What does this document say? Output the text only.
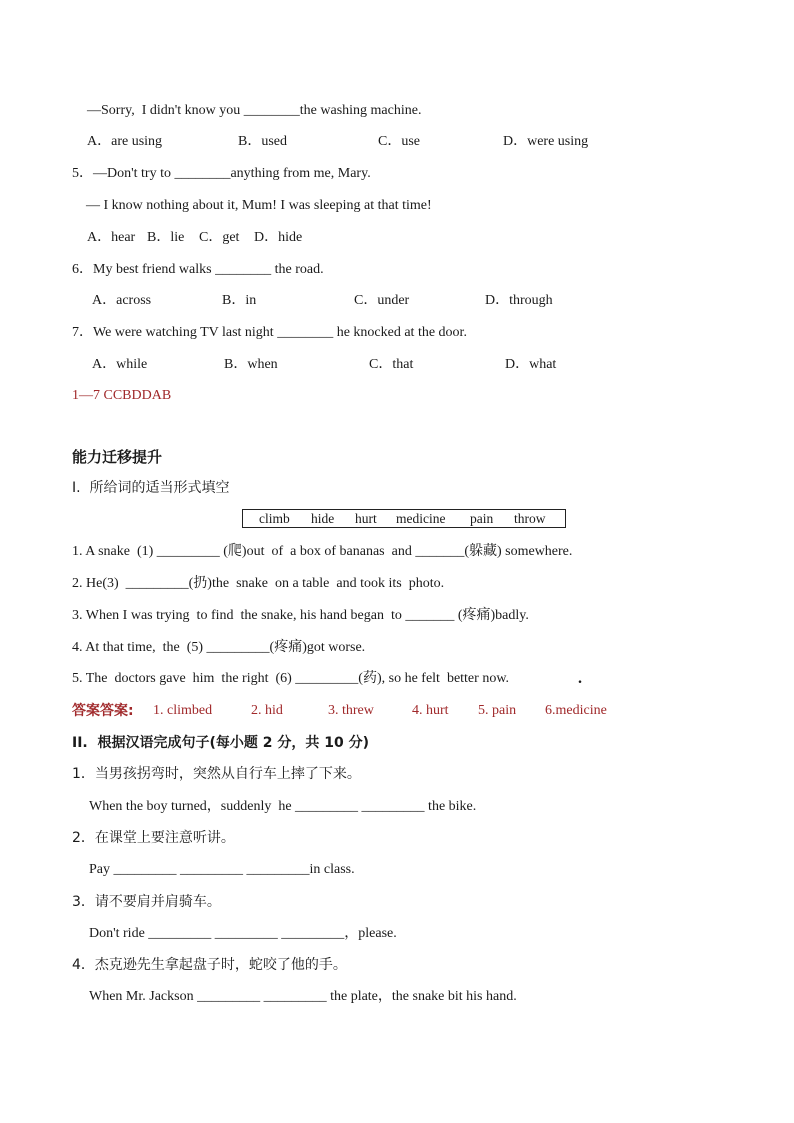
—Sorry,  I didn't know you ________the washing machine.
A．are using	B．used	C．use	D．were using
5．—Don't try to ________anything from me, Mary.
— I know nothing about it, Mum! I was sleeping at that time!
A．hear B．lie C．get D．hide
6．My best friend walks ________ the road.
A．across	B．in	C．under	D．through
7．We were watching TV last night ________ he knocked at the door.
A．while	B．when	C．that	D．what
1—7 CCBDDAB
能力迁移提升
I.  所给词的适当形式填空
climb hide hurt medicine pain throw
1. A snake  (1) _________ (爬)out  of  a box of bananas  and _______(躲藏) somewhere.
2. He(3)  _________(扔)the  snake  on a table  and took its  photo.
3. When I was trying  to find  the snake, his hand began  to _______ (疼痛)badly.
4. At that time,  the  (5) _________(疼痛)got worse.
5. The  doctors gave  him  the right  (6) _________(药), so he felt  better now.	.
答案答案: 1. climbed	2. hid	3. threw	4. hurt 5. pain 6.medicine
II.  根据汉语完成句子(每小题 2 分，共 10 分)
1．当男孩拐弯时，突然从自行车上摔了下来。
When the boy turned，suddenly  he _________ _________ the bike.
2．在课堂上要注意听讲。
Pay _________ _________ _________in class.
3．请不要肩并肩骑车。
Don't ride _________ _________ _________，please.
4．杰克逊先生拿起盘子时，蛇咬了他的手。
When Mr. Jackson _________ _________ the plate，the snake bit his hand.
